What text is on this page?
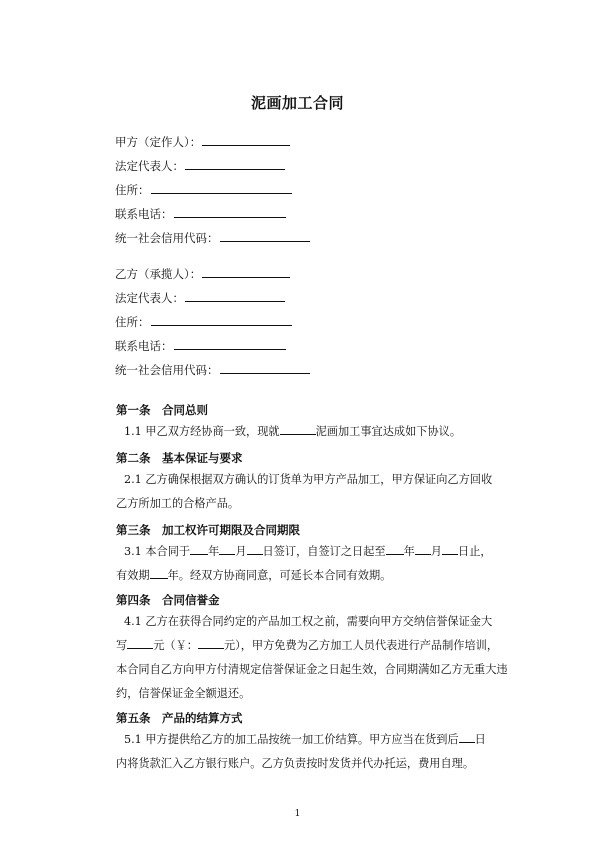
泥画加工合同
甲方（定作人）：
法定代表人：
住所：
联系电话：
统一社会信用代码：
乙方（承揽人）：
法定代表人：
住所：
联系电话：
统一社会信用代码：
第一条　合同总则
1.1 甲乙双方经协商一致，现就	泥画加工事宜达成如下协议。
第二条　基本保证与要求
2.1 乙方确保根据双方确认的订货单为甲方产品加工，甲方保证向乙方回收
乙方所加工的合格产品。
第三条　加工权许可期限及合同期限
3.1 本合同于 年 月 日签订，自签订之日起至 年 月 日止，
有效期 年。经双方协商同意，可延长本合同有效期。
第四条　合同信誉金
4.1 乙方在获得合同约定的产品加工权之前，需要向甲方交纳信誉保证金大
写 元（￥： 元），甲方免费为乙方加工人员代表进行产品制作培训，
本合同自乙方向甲方付清规定信誉保证金之日起生效，合同期满如乙方无重大违
约，信誉保证金全额退还。
第五条　产品的结算方式
5.1 甲方提供给乙方的加工品按统一加工价结算。甲方应当在货到后 日
内将货款汇入乙方银行账户。乙方负责按时发货并代办托运，费用自理。
1
